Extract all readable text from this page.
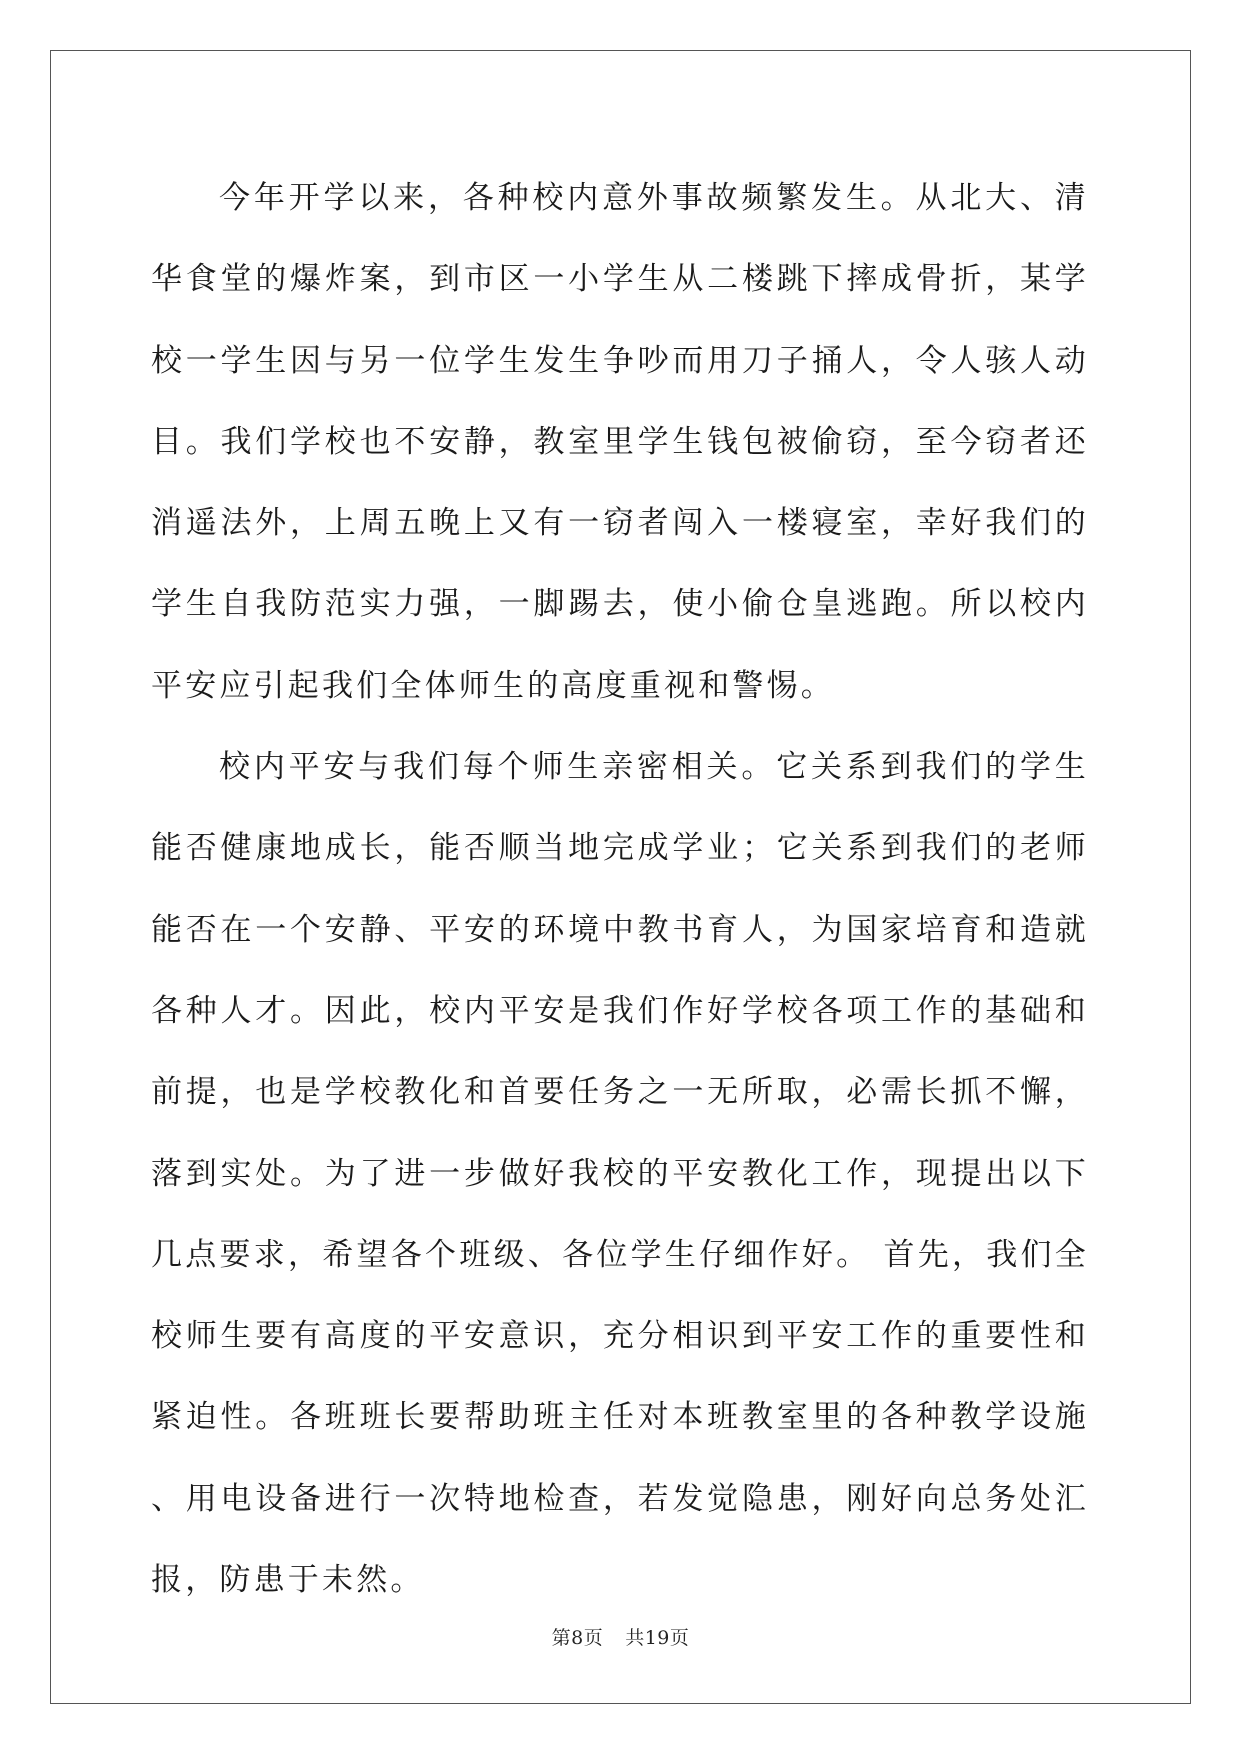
今年开学以来，各种校内意外事故频繁发生。从北大、清华食堂的爆炸案，到市区一小学生从二楼跳下摔成骨折，某学校一学生因与另一位学生发生争吵而用刀子捅人，令人骇人动目。我们学校也不安静，教室里学生钱包被偷窃，至今窃者还消遥法外，上周五晚上又有一窃者闯入一楼寝室，幸好我们的学生自我防范实力强，一脚踢去，使小偷仓皇逃跑。所以校内平安应引起我们全体师生的高度重视和警惕。

校内平安与我们每个师生亲密相关。它关系到我们的学生能否健康地成长，能否顺当地完成学业；它关系到我们的老师能否在一个安静、平安的环境中教书育人，为国家培育和造就各种人才。因此，校内平安是我们作好学校各项工作的基础和前提，也是学校教化和首要任务之一无所取，必需长抓不懈，落到实处。为了进一步做好我校的平安教化工作，现提出以下几点要求，希望各个班级、各位学生仔细作好。 首先，我们全校师生要有高度的平安意识，充分相识到平安工作的重要性和紧迫性。各班班长要帮助班主任对本班教室里的各种教学设施、用电设备进行一次特地检查，若发觉隐患，刚好向总务处汇报，防患于未然。

第8页 共19页
